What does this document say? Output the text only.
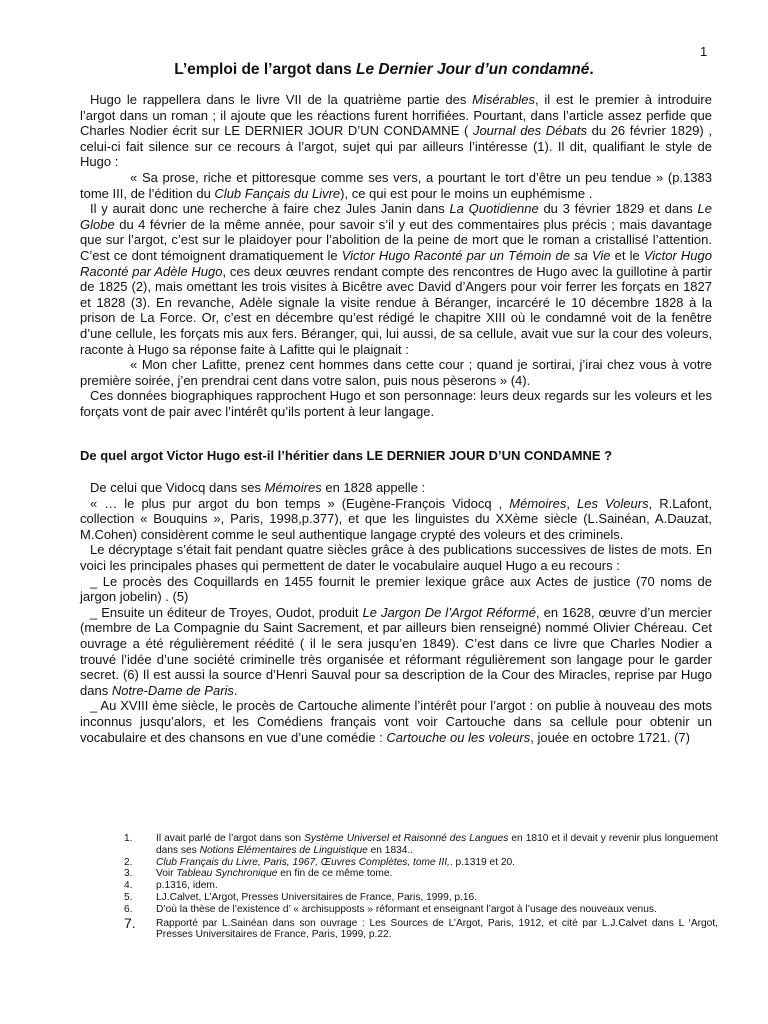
1
L’emploi de l’argot dans Le Dernier Jour d’un condamné.

Hugo le rappellera dans le livre VII de la quatrième partie des Misérables, il est le premier à introduire l’argot dans un roman ; il ajoute que les réactions furent horrifiées. Pourtant, dans l’article assez perfide que Charles Nodier écrit sur LE DERNIER JOUR D’UN CONDAMNE ( Journal des Débats du 26 février 1829) , celui-ci fait silence sur ce recours à l’argot, sujet qui par ailleurs l’intéresse (1). Il dit, qualifiant le style de Hugo :

« Sa prose, riche et pittoresque comme ses vers, a pourtant le tort d’être un peu tendue » (p.1383 tome III, de l’édition du Club Fançais du Livre), ce qui est pour le moins un euphémisme .

Il y aurait donc une recherche à faire chez Jules Janin dans La Quotidienne du 3 février 1829 et dans Le Globe du 4 février de la même année, pour savoir s’il y eut des commentaires plus précis ; mais davantage que sur l’argot, c’est sur le plaidoyer pour l’abolition de la peine de mort que le roman a cristallisé l’attention. C’est ce dont témoignent dramatiquement le Victor Hugo Raconté par un Témoin de sa Vie et le Victor Hugo Raconté par Adèle Hugo, ces deux œuvres rendant compte des rencontres de Hugo avec la guillotine à partir de 1825 (2), mais omettant les trois visites à Bicêtre avec David d’Angers pour voir ferrer les forçats en 1827 et 1828 (3). En revanche, Adèle signale la visite rendue à Béranger, incarcéré le 10 décembre 1828 à la prison de La Force. Or, c’est en décembre qu’est rédigé le chapitre XIII où le condamné voit de la fenêtre d’une cellule, les forçats mis aux fers. Béranger, qui, lui aussi, de sa cellule, avait vue sur la cour des voleurs, raconte à Hugo sa réponse faite à Lafitte qui le plaignait :

« Mon cher Lafitte, prenez cent hommes dans cette cour ; quand je sortirai, j’irai chez vous à votre première soirée, j’en prendrai cent dans votre salon, puis nous pèserons » (4).

Ces données biographiques rapprochent Hugo et son personnage: leurs deux regards sur les voleurs et les forçats vont de pair avec l’intérêt qu’ils portent à leur langage.

De quel argot Victor Hugo est-il l’héritier dans LE DERNIER JOUR D’UN CONDAMNE ?

De celui que Vidocq dans ses Mémoires en 1828 appelle :

« … le plus pur argot du bon temps » (Eugène-François Vidocq , Mémoires, Les Voleurs, R.Lafont, collection « Bouquins », Paris, 1998,p.377), et que les linguistes du XXème siècle (L.Sainéan, A.Dauzat, M.Cohen) considèrent comme le seul authentique langage crypté des voleurs et des criminels.

Le décryptage s’était fait pendant quatre siècles grâce à des publications successives de listes de mots. En voici les principales phases qui permettent de dater le vocabulaire auquel Hugo a eu recours :

_ Le procès des Coquillards en 1455 fournit le premier lexique grâce aux Actes de justice (70 noms de jargon jobelin) . (5)

_ Ensuite un éditeur de Troyes, Oudot, produit Le Jargon De l’Argot Réformé, en 1628, œuvre d’un mercier (membre de La Compagnie du Saint Sacrement, et par ailleurs bien renseigné) nommé Olivier Chéreau. Cet ouvrage a été régulièrement réédité ( il le sera jusqu’en 1849). C’est dans ce livre que Charles Nodier a trouvé l’idée d’une société criminelle très organisée et réformant régulièrement son langage pour le garder secret. (6) Il est aussi la source d’Henri Sauval pour sa description de la Cour des Miracles, reprise par Hugo dans Notre-Dame de Paris.

_ Au XVIII ème siècle, le procès de Cartouche alimente l’intérêt pour l’argot : on publie à nouveau des mots inconnus jusqu’alors, et les Comédiens français vont voir Cartouche dans sa cellule pour obtenir un vocabulaire et des chansons en vue d’une comédie : Cartouche ou les voleurs, jouée en octobre 1721. (7)

1.	Il avait parlé de l’argot dans son Système Universel et Raisonné des Langues en 1810 et il devait y revenir plus longuement dans ses Notions Elémentaires de Linguistique en 1834..
2.	Club Français du Livre, Paris, 1967, Œuvres Complètes, tome III,. p.1319 et 20.
3.	Voir Tableau Synchronique en fin de ce même tome.
4.	p.1316, idem.
5.	LJ.Calvet, L’Argot, Presses Universitaires de France, Paris, 1999, p.16.
6.	D’où la thèse de l’existence d’ « archisupposts » réformant et enseignant l’argot à l’usage des nouveaux venus.
7.	Rapporté par L.Sainéan dans son ouvrage : Les Sources de L’Argot, Paris, 1912, et cité par L.J.Calvet dans L ‘Argot, Presses Universitaires de France, Paris, 1999, p.22.
